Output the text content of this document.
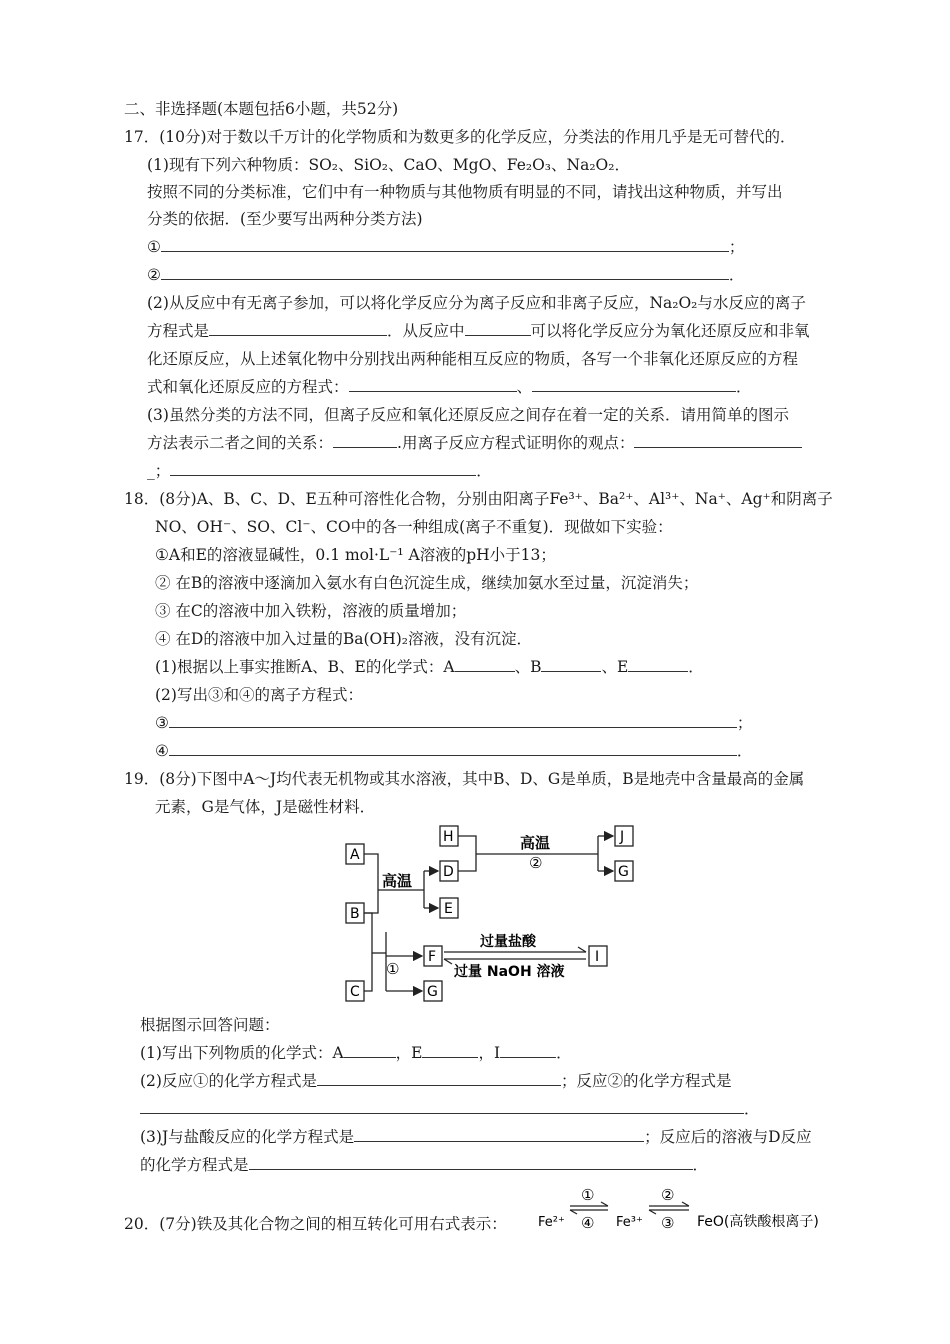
二、非选择题(本题包括6小题，共52分)
17．(10分)对于数以千万计的化学物质和为数更多的化学反应，分类法的作用几乎是无可替代的．
(1)现有下列六种物质：SO₂、SiO₂、CaO、MgO、Fe₂O₃、Na₂O₂．
按照不同的分类标准，它们中有一种物质与其他物质有明显的不同，请找出这种物质，并写出
分类的依据．(至少要写出两种分类方法)
①	；
②	．
(2)从反应中有无离子参加，可以将化学反应分为离子反应和非离子反应，Na₂O₂与水反应的离子
方程式是	．从反应中	可以将化学反应分为氧化还原反应和非氧
化还原反应，从上述氧化物中分别找出两种能相互反应的物质，各写一个非氧化还原反应的方程
式和氧化还原反应的方程式：	、	．
(3)虽然分类的方法不同，但离子反应和氧化还原反应之间存在着一定的关系．请用简单的图示
方法表示二者之间的关系：	.用离子反应方程式证明你的观点：
_；	．
18．(8分)A、B、C、D、E五种可溶性化合物，分别由阳离子Fe³⁺、Ba²⁺、Al³⁺、Na⁺、Ag⁺和阴离子
NO、OH⁻、SO、Cl⁻、CO中的各一种组成(离子不重复)．现做如下实验：
①A和E的溶液显碱性，0.1 mol·L⁻¹ A溶液的pH小于13；
② 在B的溶液中逐滴加入氨水有白色沉淀生成，继续加氨水至过量，沉淀消失；
③ 在C的溶液中加入铁粉，溶液的质量增加；
④ 在D的溶液中加入过量的Ba(OH)₂溶液，没有沉淀．
(1)根据以上事实推断A、B、E的化学式：A	、B	、E	．
(2)写出③和④的离子方程式：
③	；
④	．
19．(8分)下图中A～J均代表无机物或其水溶液，其中B、D、G是单质，B是地壳中含量最高的金属
元素，G是气体，J是磁性材料．
A
B
C
H
D
E
J
G
F
G
I
高温
高温
②
①
过量盐酸
过量 NaOH 溶液
根据图示回答问题：
(1)写出下列物质的化学式：A	，E	，I	．
(2)反应①的化学方程式是	；反应②的化学方程式是
．
(3)J与盐酸反应的化学方程式是	；反应后的溶液与D反应
的化学方程式是	．
20．(7分)铁及其化合物之间的相互转化可用右式表示： Fe²⁺	Fe³⁺	FeO(高铁酸根离子)
①
④
②
③
